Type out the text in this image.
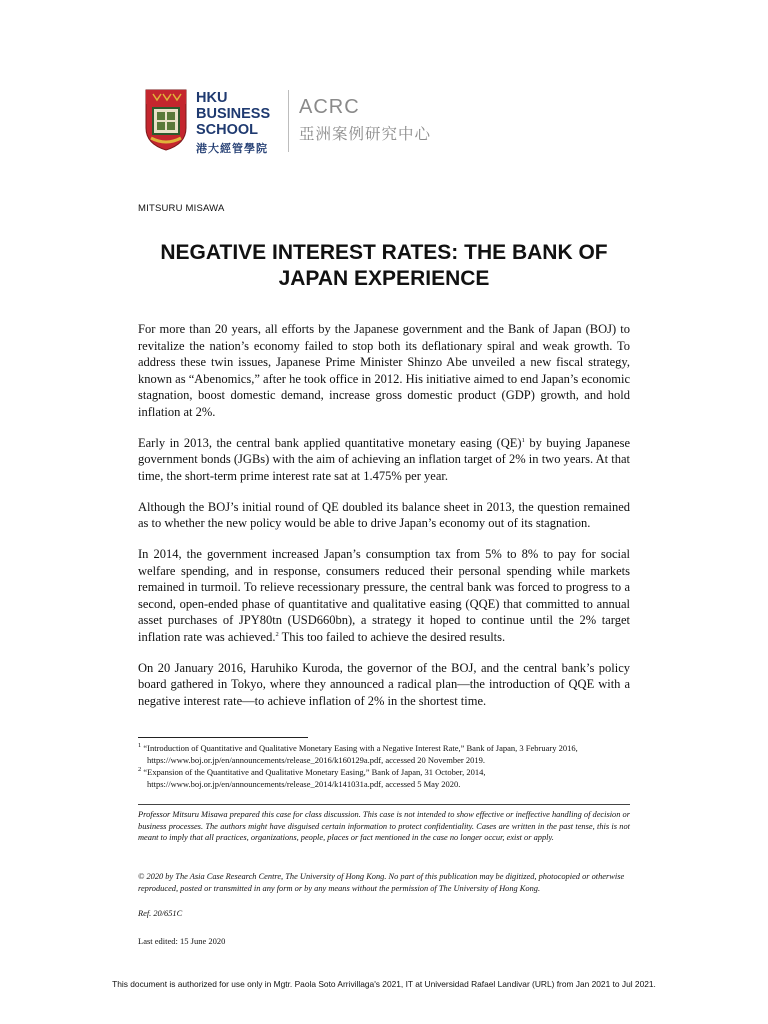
HKU
BUSINESS
SCHOOL
港大經管學院
ACRC
亞洲案例研究中心
MITSURU MISAWA
NEGATIVE INTEREST RATES: THE BANK OF
JAPAN EXPERIENCE

For more than 20 years, all efforts by the Japanese government and the Bank of Japan (BOJ) to revitalize the nation’s economy failed to stop both its deflationary spiral and weak growth. To address these twin issues, Japanese Prime Minister Shinzo Abe unveiled a new fiscal strategy, known as “Abenomics,” after he took office in 2012. His initiative aimed to end Japan’s economic stagnation, boost domestic demand, increase gross domestic product (GDP) growth, and hold inflation at 2%.

Early in 2013, the central bank applied quantitative monetary easing (QE)$^1$ by buying Japanese government bonds (JGBs) with the aim of achieving an inflation target of 2% in two years. At that time, the short-term prime interest rate sat at 1.475% per year.

Although the BOJ’s initial round of QE doubled its balance sheet in 2013, the question remained as to whether the new policy would be able to drive Japan’s economy out of its stagnation.

In 2014, the government increased Japan’s consumption tax from 5% to 8% to pay for social welfare spending, and in response, consumers reduced their personal spending while markets remained in turmoil. To relieve recessionary pressure, the central bank was forced to progress to a second, open-ended phase of quantitative and qualitative easing (QQE) that committed to annual asset purchases of JPY80tn (USD660bn), a strategy it hoped to continue until the 2% target inflation rate was achieved.$^2$ This too failed to achieve the desired results.

On 20 January 2016, Haruhiko Kuroda, the governor of the BOJ, and the central bank’s policy board gathered in Tokyo, where they announced a radical plan—the introduction of QQE with a negative interest rate—to achieve inflation of 2% in the shortest time.

$^1$ “Introduction of Quantitative and Qualitative Monetary Easing with a Negative Interest Rate,” Bank of Japan, 3 February 2016,
https://www.boj.or.jp/en/announcements/release_2016/k160129a.pdf, accessed 20 November 2019.
$^2$ “Expansion of the Quantitative and Qualitative Monetary Easing,” Bank of Japan, 31 October, 2014,
https://www.boj.or.jp/en/announcements/release_2014/k141031a.pdf, accessed 5 May 2020.
Professor Mitsuru Misawa prepared this case for class discussion. This case is not intended to show effective or ineffective handling of decision or business processes. The authors might have disguised certain information to protect confidentiality. Cases are written in the past tense, this is not meant to imply that all practices, organizations, people, places or fact mentioned in the case no longer occur, exist or apply.
© 2020 by The Asia Case Research Centre, The University of Hong Kong. No part of this publication may be digitized, photocopied or otherwise reproduced, posted or transmitted in any form or by any means without the permission of The University of Hong Kong.
Ref. 20/651C
Last edited: 15 June 2020
This document is authorized for use only in Mgtr. Paola Soto Arrivillaga's 2021, IT at Universidad Rafael Landivar (URL) from Jan 2021 to Jul 2021.
